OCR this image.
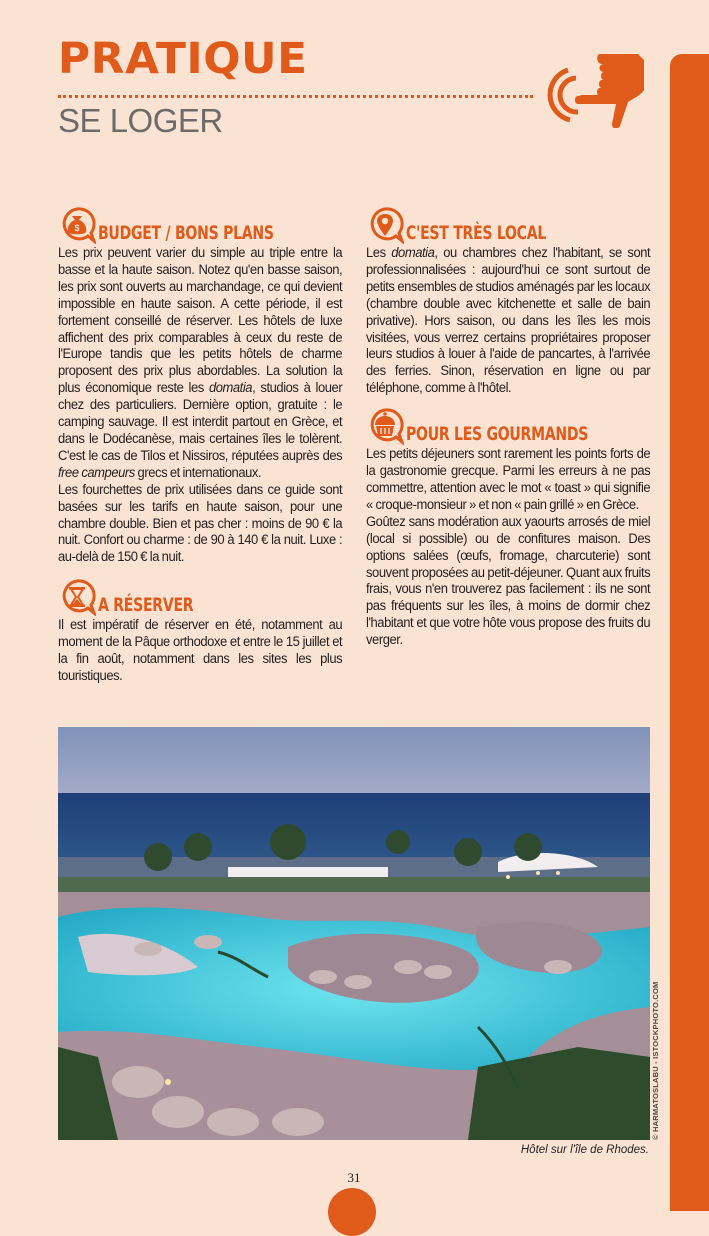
PRATIQUE
SE LOGER
$ BUDGET / BONS PLANS

Les prix peuvent varier du simple au triple entre la basse et la haute saison. Notez qu'en basse saison, les prix sont ouverts au marchandage, ce qui devient impossible en haute saison. A cette période, il est fortement conseillé de réserver. Les hôtels de luxe affichent des prix comparables à ceux du reste de l'Europe tandis que les petits hôtels de charme proposent des prix plus abordables. La solution la plus économique reste les domatia, studios à louer chez des particuliers. Dernière option, gratuite : le camping sauvage. Il est interdit partout en Grèce, et dans le Dodécanèse, mais certaines îles le tolèrent. C'est le cas de Tilos et Nissiros, réputées auprès des free campeurs grecs et internationaux.

Les fourchettes de prix utilisées dans ce guide sont basées sur les tarifs en haute saison, pour une chambre double. Bien et pas cher : moins de 90 € la nuit. Confort ou charme : de 90 à 140 € la nuit. Luxe : au-delà de 150 € la nuit.

A RÉSERVER

Il est impératif de réserver en été, notamment au moment de la Pâque orthodoxe et entre le 15 juillet et la fin août, notamment dans les sites les plus touristiques.

C'EST TRÈS LOCAL

Les domatia, ou chambres chez l'habitant, se sont professionnalisées : aujourd'hui ce sont surtout de petits ensembles de studios aménagés par les locaux (chambre double avec kitchenette et salle de bain privative). Hors saison, ou dans les îles les mois visitées, vous verrez certains propriétaires proposer leurs studios à louer à l'aide de pancartes, à l'arrivée des ferries. Sinon, réservation en ligne ou par téléphone, comme à l'hôtel.

POUR LES GOURMANDS

Les petits déjeuners sont rarement les points forts de la gastronomie grecque. Parmi les erreurs à ne pas commettre, attention avec le mot « toast » qui signifie « croque-monsieur » et non « pain grillé » en Grèce.

Goûtez sans modération aux yaourts arrosés de miel (local si possible) ou de confitures maison. Des options salées (œufs, fromage, charcuterie) sont souvent proposées au petit-déjeuner. Quant aux fruits frais, vous n'en trouverez pas facilement : ils ne sont pas fréquents sur les îles, à moins de dormir chez l'habitant et que votre hôte vous propose des fruits du verger.

© HARMATOSLABU - ISTOCKPHOTO.COM
Hôtel sur l'île de Rhodes.
31
